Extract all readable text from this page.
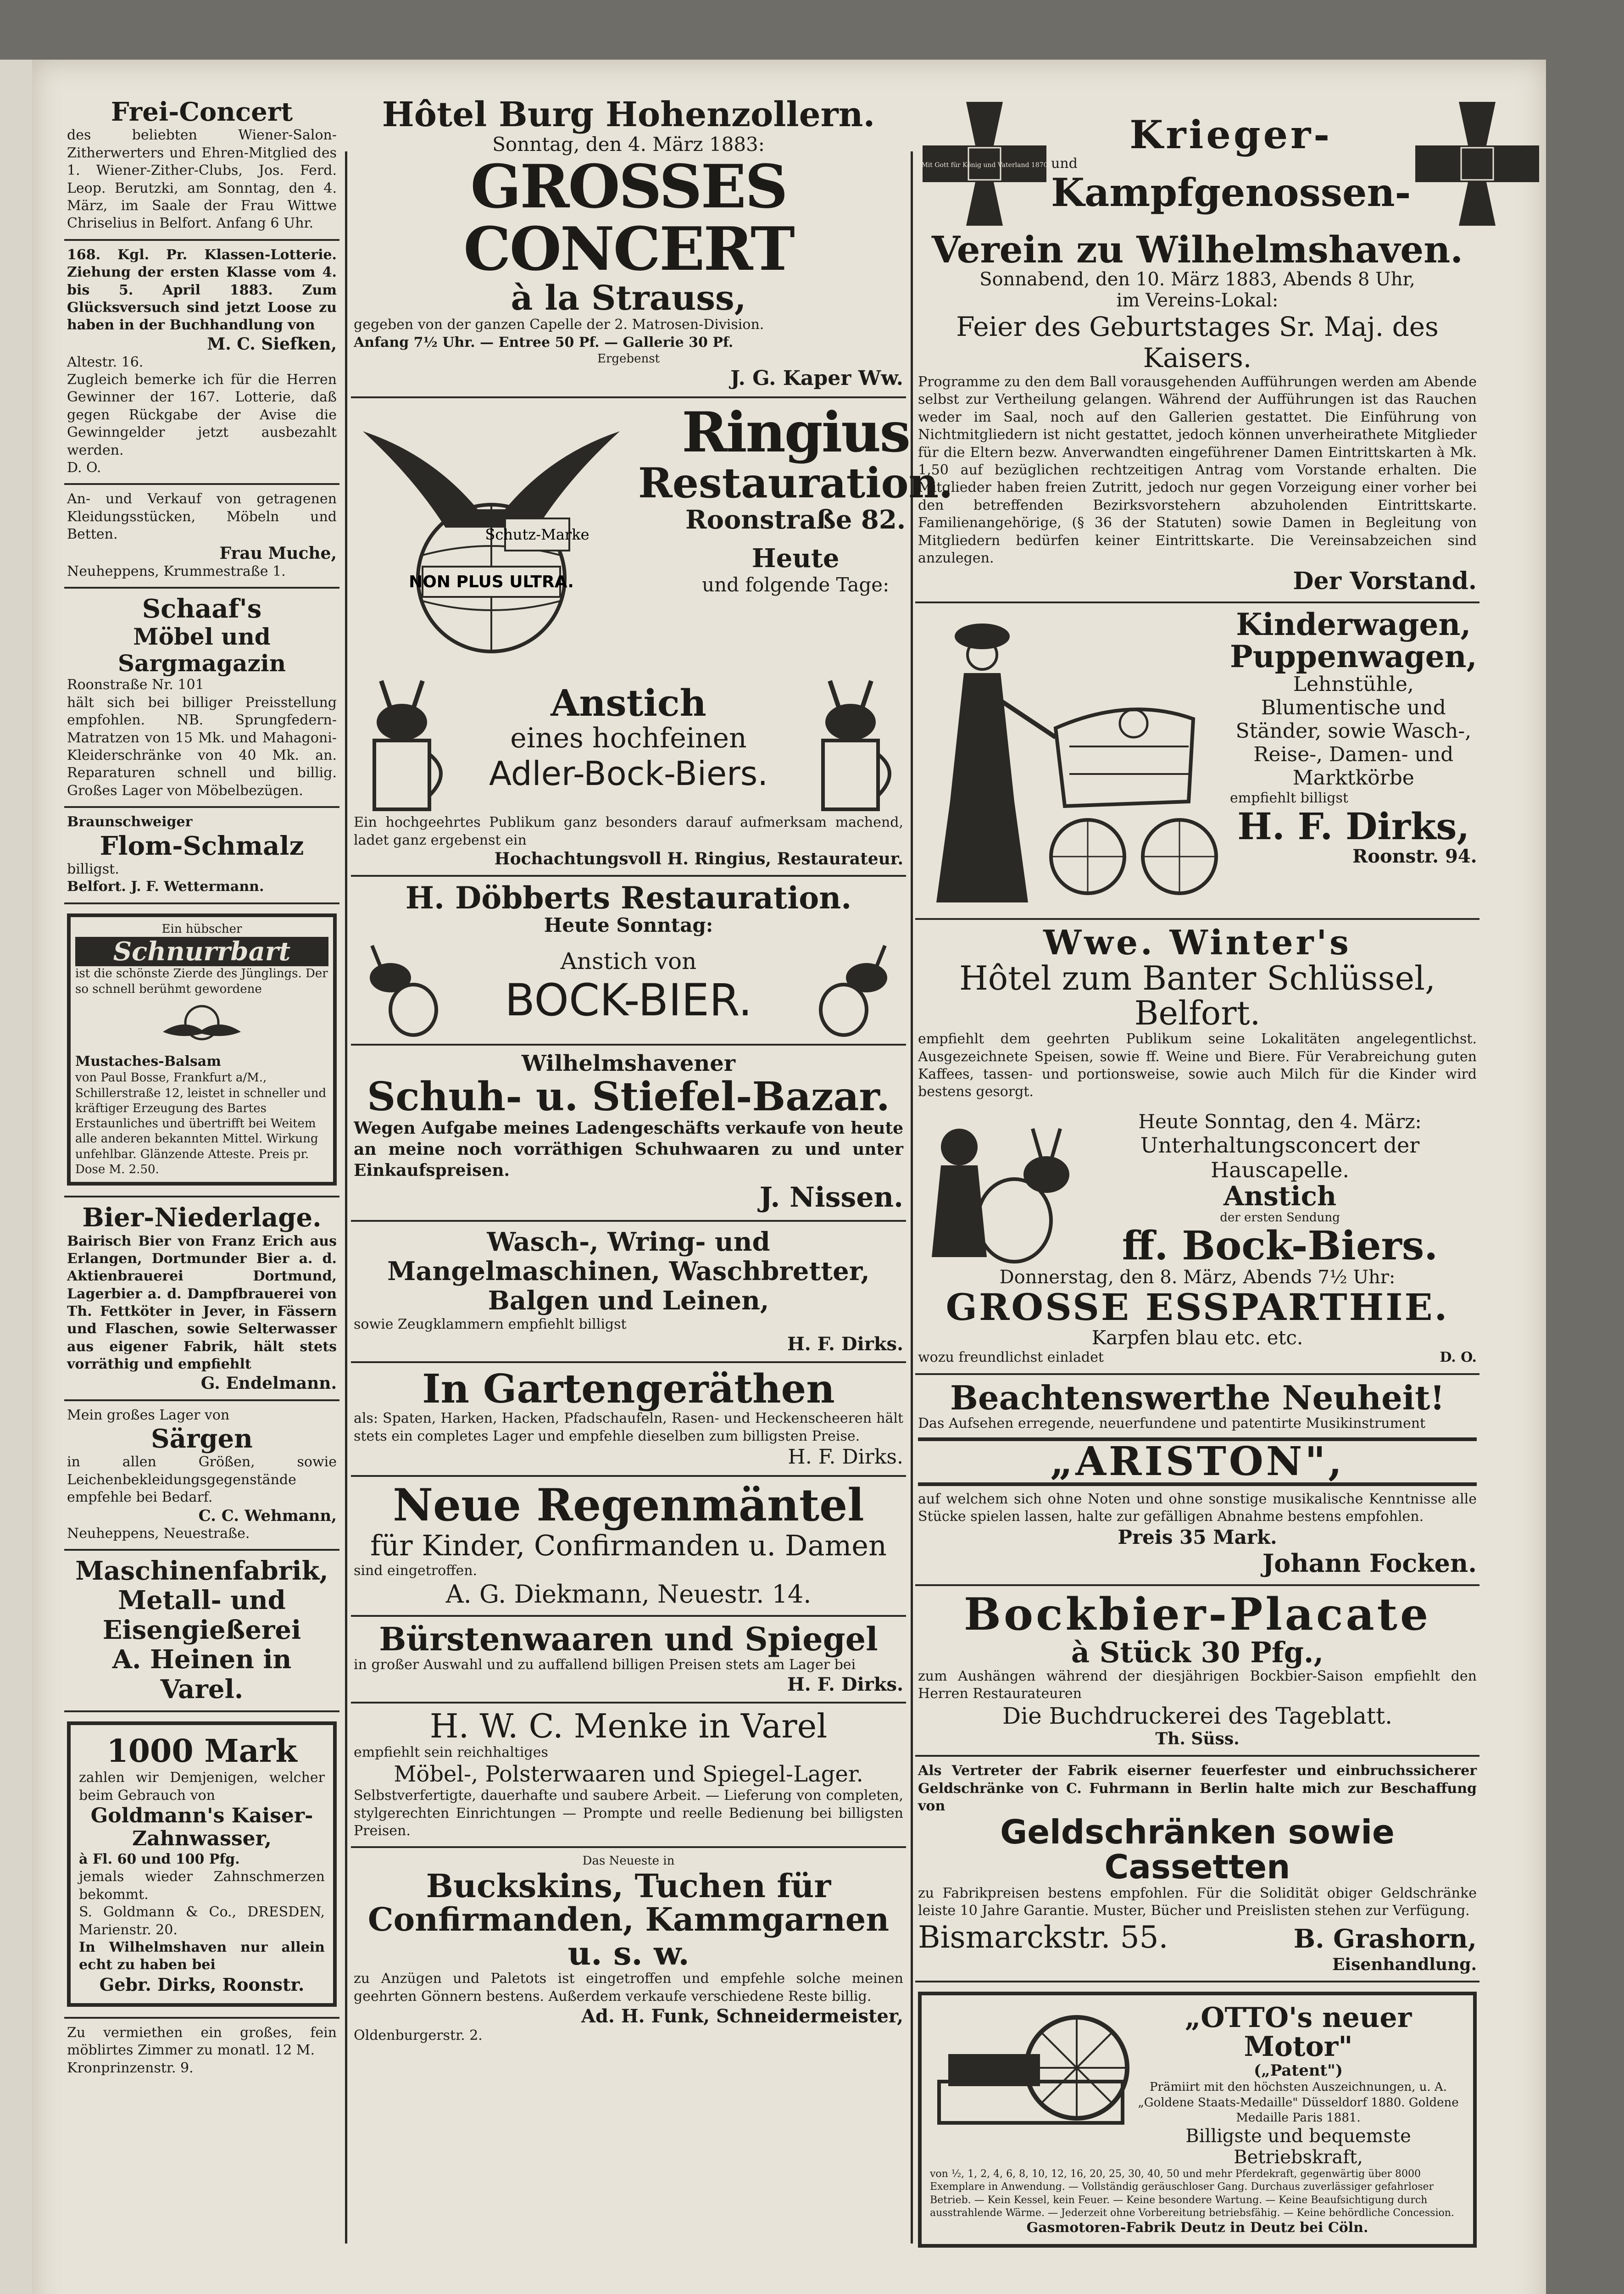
Frei-Concert
des beliebten Wiener-Salon-Zitherwerters und Ehren-Mitglied des 1. Wiener-Zither-Clubs, Jos. Ferd. Leop. Berutzki, am Sonntag, den 4. März, im Saale der Frau Wittwe Chriselius in Belfort. Anfang 6 Uhr.
168. Kgl. Pr. Klassen-Lotterie. Ziehung der ersten Klasse vom 4. bis 5. April 1883. Zum Glücksversuch sind jetzt Loose zu haben in der Buchhandlung von
M. C. Siefken,
Altestr. 16.
Zugleich bemerke ich für die Herren Gewinner der 167. Lotterie, daß gegen Rückgabe der Avise die Gewinngelder jetzt ausbezahlt werden.
D. O.
An- und Verkauf von getragenen Kleidungsstücken, Möbeln und Betten.
Frau Muche,
Neuheppens, Krummestraße 1.
Schaaf's
Möbel und Sargmagazin
Roonstraße Nr. 101
hält sich bei billiger Preisstellung empfohlen. NB. Sprungfedern-Matratzen von 15 Mk. und Mahagoni-Kleiderschränke von 40 Mk. an. Reparaturen schnell und billig. Großes Lager von Möbelbezügen.
Braunschweiger
Flom-Schmalz
billigst.
Belfort. J. F. Wettermann.
Ein hübscher
Schnurrbart
ist die schönste Zierde des Jünglings. Der so schnell berühmt gewordene
Mustaches-Balsam
von Paul Bosse, Frankfurt a/M., Schillerstraße 12, leistet in schneller und kräftiger Erzeugung des Bartes Erstaunliches und übertrifft bei Weitem alle anderen bekannten Mittel. Wirkung unfehlbar. Glänzende Atteste. Preis pr. Dose M. 2.50.
Bier-Niederlage.
Bairisch Bier von Franz Erich aus Erlangen, Dortmunder Bier a. d. Aktienbrauerei Dortmund, Lagerbier a. d. Dampfbrauerei von Th. Fettköter in Jever, in Fässern und Flaschen, sowie Selterwasser aus eigener Fabrik, hält stets vorräthig und empfiehlt
G. Endelmann.
Mein großes Lager von
Särgen
in allen Größen, sowie Leichenbekleidungsgegenstände empfehle bei Bedarf.
C. C. Wehmann,
Neuheppens, Neuestraße.
Maschinenfabrik, Metall- und Eisengießerei
A. Heinen in Varel.
1000 Mark
zahlen wir Demjenigen, welcher beim Gebrauch von
Goldmann's Kaiser-Zahnwasser,
à Fl. 60 und 100 Pfg.
jemals wieder Zahnschmerzen bekommt.
S. Goldmann & Co., DRESDEN, Marienstr. 20.
In Wilhelmshaven nur allein echt zu haben bei
Gebr. Dirks, Roonstr.
Zu vermiethen ein großes, fein möblirtes Zimmer zu monatl. 12 M.
Kronprinzenstr. 9.
Hôtel Burg Hohenzollern.
Sonntag, den 4. März 1883:
GROSSES CONCERT
à la Strauss,
gegeben von der ganzen Capelle der 2. Matrosen-Division.
Anfang 7½ Uhr. — Entree 50 Pf. — Gallerie 30 Pf.
Ergebenst
J. G. Kaper Ww.
Schutz-Marke
NON PLUS ULTRA.
Ringius
Restauration.
Roonstraße 82.
Heute
und folgende Tage:
Anstich
eines hochfeinen
Adler-Bock-Biers.
Ein hochgeehrtes Publikum ganz besonders darauf aufmerksam machend, ladet ganz ergebenst ein
Hochachtungsvoll H. Ringius, Restaurateur.
H. Döbberts Restauration.
Heute Sonntag:
Anstich von
BOCK-BIER.
Wilhelmshavener
Schuh- u. Stiefel-Bazar.
Wegen Aufgabe meines Ladengeschäfts verkaufe von heute an meine noch vorräthigen Schuhwaaren zu und unter Einkaufspreisen.
J. Nissen.
Wasch-, Wring- und Mangelmaschinen, Waschbretter, Balgen und Leinen,
sowie Zeugklammern empfiehlt billigst
H. F. Dirks.
In Gartengeräthen
als: Spaten, Harken, Hacken, Pfadschaufeln, Rasen- und Heckenscheeren hält stets ein completes Lager und empfehle dieselben zum billigsten Preise.
H. F. Dirks.
Neue Regenmäntel
für Kinder, Confirmanden u. Damen
sind eingetroffen.
A. G. Diekmann, Neuestr. 14.
Bürstenwaaren und Spiegel
in großer Auswahl und zu auffallend billigen Preisen stets am Lager bei
H. F. Dirks.
H. W. C. Menke in Varel
empfiehlt sein reichhaltiges
Möbel-, Polsterwaaren und Spiegel-Lager.
Selbstverfertigte, dauerhafte und saubere Arbeit. — Lieferung von completen, stylgerechten Einrichtungen — Prompte und reelle Bedienung bei billigsten Preisen.
Das Neueste in
Buckskins, Tuchen für Confirmanden, Kammgarnen u. s. w.
zu Anzügen und Paletots ist eingetroffen und empfehle solche meinen geehrten Gönnern bestens. Außerdem verkaufe verschiedene Reste billig.
Ad. H. Funk, Schneidermeister,
Oldenburgerstr. 2.
Mit Gott für König und Vaterland 1870
Krieger-
und
Kampfgenossen-
Verein zu Wilhelmshaven.
Sonnabend, den 10. März 1883, Abends 8 Uhr,
im Vereins-Lokal:
Feier des Geburtstages Sr. Maj. des Kaisers.
Programme zu den dem Ball vorausgehenden Aufführungen werden am Abende selbst zur Vertheilung gelangen. Während der Aufführungen ist das Rauchen weder im Saal, noch auf den Gallerien gestattet. Die Einführung von Nichtmitgliedern ist nicht gestattet, jedoch können unverheirathete Mitglieder für die Eltern bezw. Anverwandten eingeführener Damen Eintrittskarten à Mk. 1,50 auf bezüglichen rechtzeitigen Antrag vom Vorstande erhalten. Die Mitglieder haben freien Zutritt, jedoch nur gegen Vorzeigung einer vorher bei den betreffenden Bezirksvorstehern abzuholenden Eintrittskarte. Familienangehörige, (§ 36 der Statuten) sowie Damen in Begleitung von Mitgliedern bedürfen keiner Eintrittskarte. Die Vereinsabzeichen sind anzulegen.
Der Vorstand.
Kinderwagen, Puppenwagen,
Lehnstühle, Blumentische und Ständer, sowie Wasch-, Reise-, Damen- und Marktkörbe
empfiehlt billigst
H. F. Dirks,
Roonstr. 94.
Wwe. Winter's
Hôtel zum Banter Schlüssel, Belfort.
empfiehlt dem geehrten Publikum seine Lokalitäten angelegentlichst. Ausgezeichnete Speisen, sowie ff. Weine und Biere. Für Verabreichung guten Kaffees, tassen- und portionsweise, sowie auch Milch für die Kinder wird bestens gesorgt.
Heute Sonntag, den 4. März:
Unterhaltungsconcert der Hauscapelle.
Anstich
der ersten Sendung
ff. Bock-Biers.
Donnerstag, den 8. März, Abends 7½ Uhr:
GROSSE ESSPARTHIE.
Karpfen blau etc. etc.
wozu freundlichst einladet	D. O.
Beachtenswerthe Neuheit!
Das Aufsehen erregende, neuerfundene und patentirte Musikinstrument
„ARISTON",
auf welchem sich ohne Noten und ohne sonstige musikalische Kenntnisse alle Stücke spielen lassen, halte zur gefälligen Abnahme bestens empfohlen.
Preis 35 Mark.
Johann Focken.
Bockbier-Placate
à Stück 30 Pfg.,
zum Aushängen während der diesjährigen Bockbier-Saison empfiehlt den Herren Restaurateuren
Die Buchdruckerei des Tageblatt.
Th. Süss.
Als Vertreter der Fabrik eiserner feuerfester und einbruchssicherer Geldschränke von C. Fuhrmann in Berlin halte mich zur Beschaffung von
Geldschränken sowie Cassetten
zu Fabrikpreisen bestens empfohlen. Für die Solidität obiger Geldschränke leiste 10 Jahre Garantie. Muster, Bücher und Preislisten stehen zur Verfügung.
Bismarckstr. 55.	B. Grashorn,
Eisenhandlung.
„OTTO's neuer Motor"
(„Patent")
Prämiirt mit den höchsten Auszeichnungen, u. A. „Goldene Staats-Medaille" Düsseldorf 1880. Goldene Medaille Paris 1881.
Billigste und bequemste Betriebskraft,
von ½, 1, 2, 4, 6, 8, 10, 12, 16, 20, 25, 30, 40, 50 und mehr Pferdekraft, gegenwärtig über 8000 Exemplare in Anwendung. — Vollständig geräuschloser Gang. Durchaus zuverlässiger gefahrloser Betrieb. — Kein Kessel, kein Feuer. — Keine besondere Wartung. — Keine Beaufsichtigung durch ausstrahlende Wärme. — Jederzeit ohne Vorbereitung betriebsfähig. — Keine behördliche Concession.
Gasmotoren-Fabrik Deutz in Deutz bei Cöln.
